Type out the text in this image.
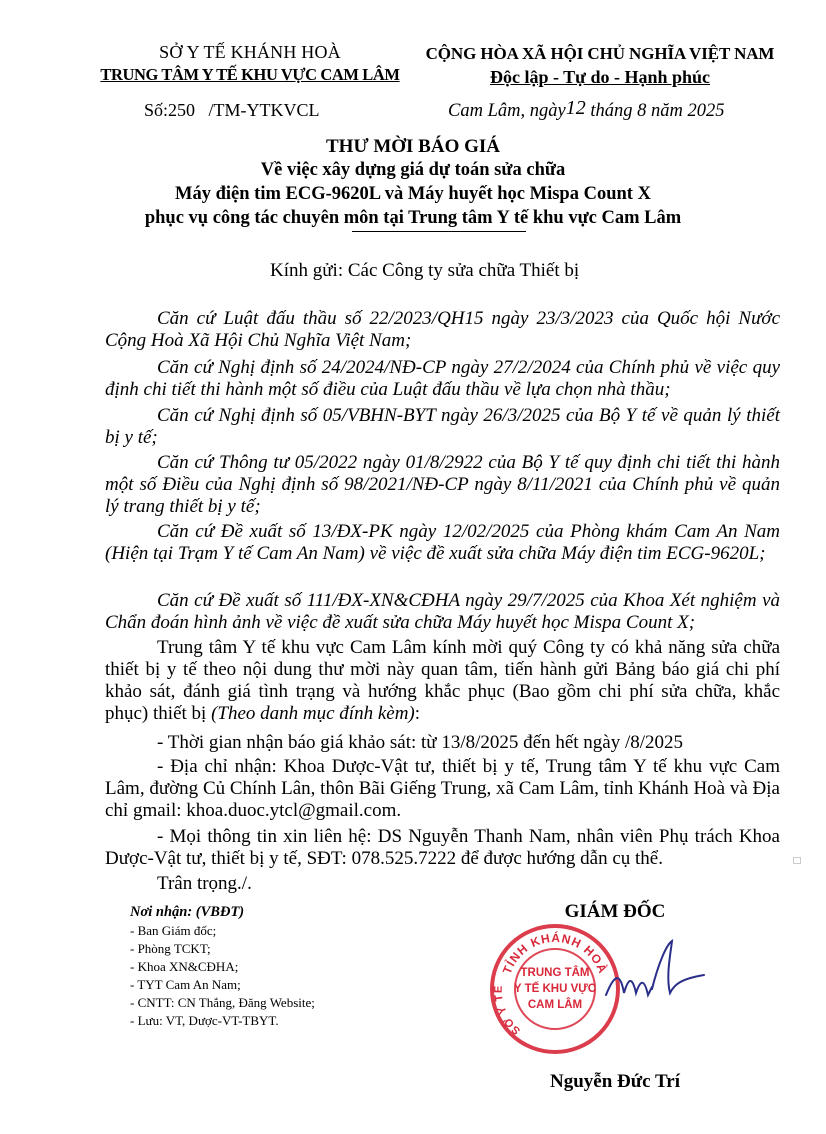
SỞ Y TẾ KHÁNH HOÀ
TRUNG TÂM Y TẾ KHU VỰC CAM LÂM
Số:250   /TM-YTKVCL
CỘNG HÒA XÃ HỘI CHỦ NGHĨA VIỆT NAM
Độc lập - Tự do - Hạnh phúc
Cam Lâm, ngày12 tháng 8 năm 2025
THƯ MỜI BÁO GIÁ
Về việc xây dựng giá dự toán sửa chữa
Máy điện tim ECG-9620L và Máy huyết học Mispa Count X
phục vụ công tác chuyên môn tại Trung tâm Y tế khu vực Cam Lâm
Kính gửi: Các Công ty sửa chữa Thiết bị
Căn cứ Luật đấu thầu số 22/2023/QH15 ngày 23/3/2023 của Quốc hội Nước Cộng Hoà Xã Hội Chủ Nghĩa Việt Nam;
Căn cứ Nghị định số 24/2024/NĐ-CP ngày 27/2/2024 của Chính phủ về việc quy định chi tiết thi hành một số điều của Luật đấu thầu về lựa chọn nhà thầu;
Căn cứ Nghị định số 05/VBHN-BYT ngày 26/3/2025 của Bộ Y tế về quản lý thiết bị y tế;
Căn cứ Thông tư 05/2022 ngày 01/8/2922 của Bộ Y tế quy định chi tiết thi hành một số Điều của Nghị định số 98/2021/NĐ-CP ngày 8/11/2021 của Chính phủ về quản lý trang thiết bị y tế;
Căn cứ Đề xuất số 13/ĐX-PK ngày 12/02/2025 của Phòng khám Cam An Nam (Hiện tại Trạm Y tế Cam An Nam) về việc đề xuất sửa chữa Máy điện tim ECG-9620L;
Căn cứ Đề xuất số 111/ĐX-XN&CĐHA ngày 29/7/2025 của Khoa Xét nghiệm và Chẩn đoán hình ảnh về việc đề xuất sửa chữa Máy huyết học Mispa Count X;
Trung tâm Y tế khu vực Cam Lâm kính mời quý Công ty có khả năng sửa chữa thiết bị y tế theo nội dung thư mời này quan tâm, tiến hành gửi Bảng báo giá chi phí khảo sát, đánh giá tình trạng và hướng khắc phục (Bao gồm chi phí sửa chữa, khắc phục) thiết bị (Theo danh mục đính kèm):
- Thời gian nhận báo giá khảo sát: từ 13/8/2025 đến hết ngày /8/2025
- Địa chỉ nhận: Khoa Dược-Vật tư, thiết bị y tế, Trung tâm Y tế khu vực Cam Lâm, đường Củ Chính Lân, thôn Bãi Giếng Trung, xã Cam Lâm, tỉnh Khánh Hoà và Địa chỉ gmail: khoa.duoc.ytcl@gmail.com.
- Mọi thông tin xin liên hệ: DS Nguyễn Thanh Nam, nhân viên Phụ trách Khoa Dược-Vật tư, thiết bị y tế, SĐT: 078.525.7222 để được hướng dẫn cụ thể.
Trân trọng./.
Nơi nhận: (VBĐT)
- Ban Giám đốc;
- Phòng TCKT;
- Khoa XN&CĐHA;
- TYT Cam An Nam;
- CNTT: CN Thắng, Đăng Website;
- Lưu: VT, Dược-VT-TBYT.
GIÁM ĐỐC
TỈNH KHÁNH HOÀ
SỞ Y TẾ
TRUNG TÂM
Y TẾ KHU VỰC
CAM LÂM
Nguyễn Đức Trí
